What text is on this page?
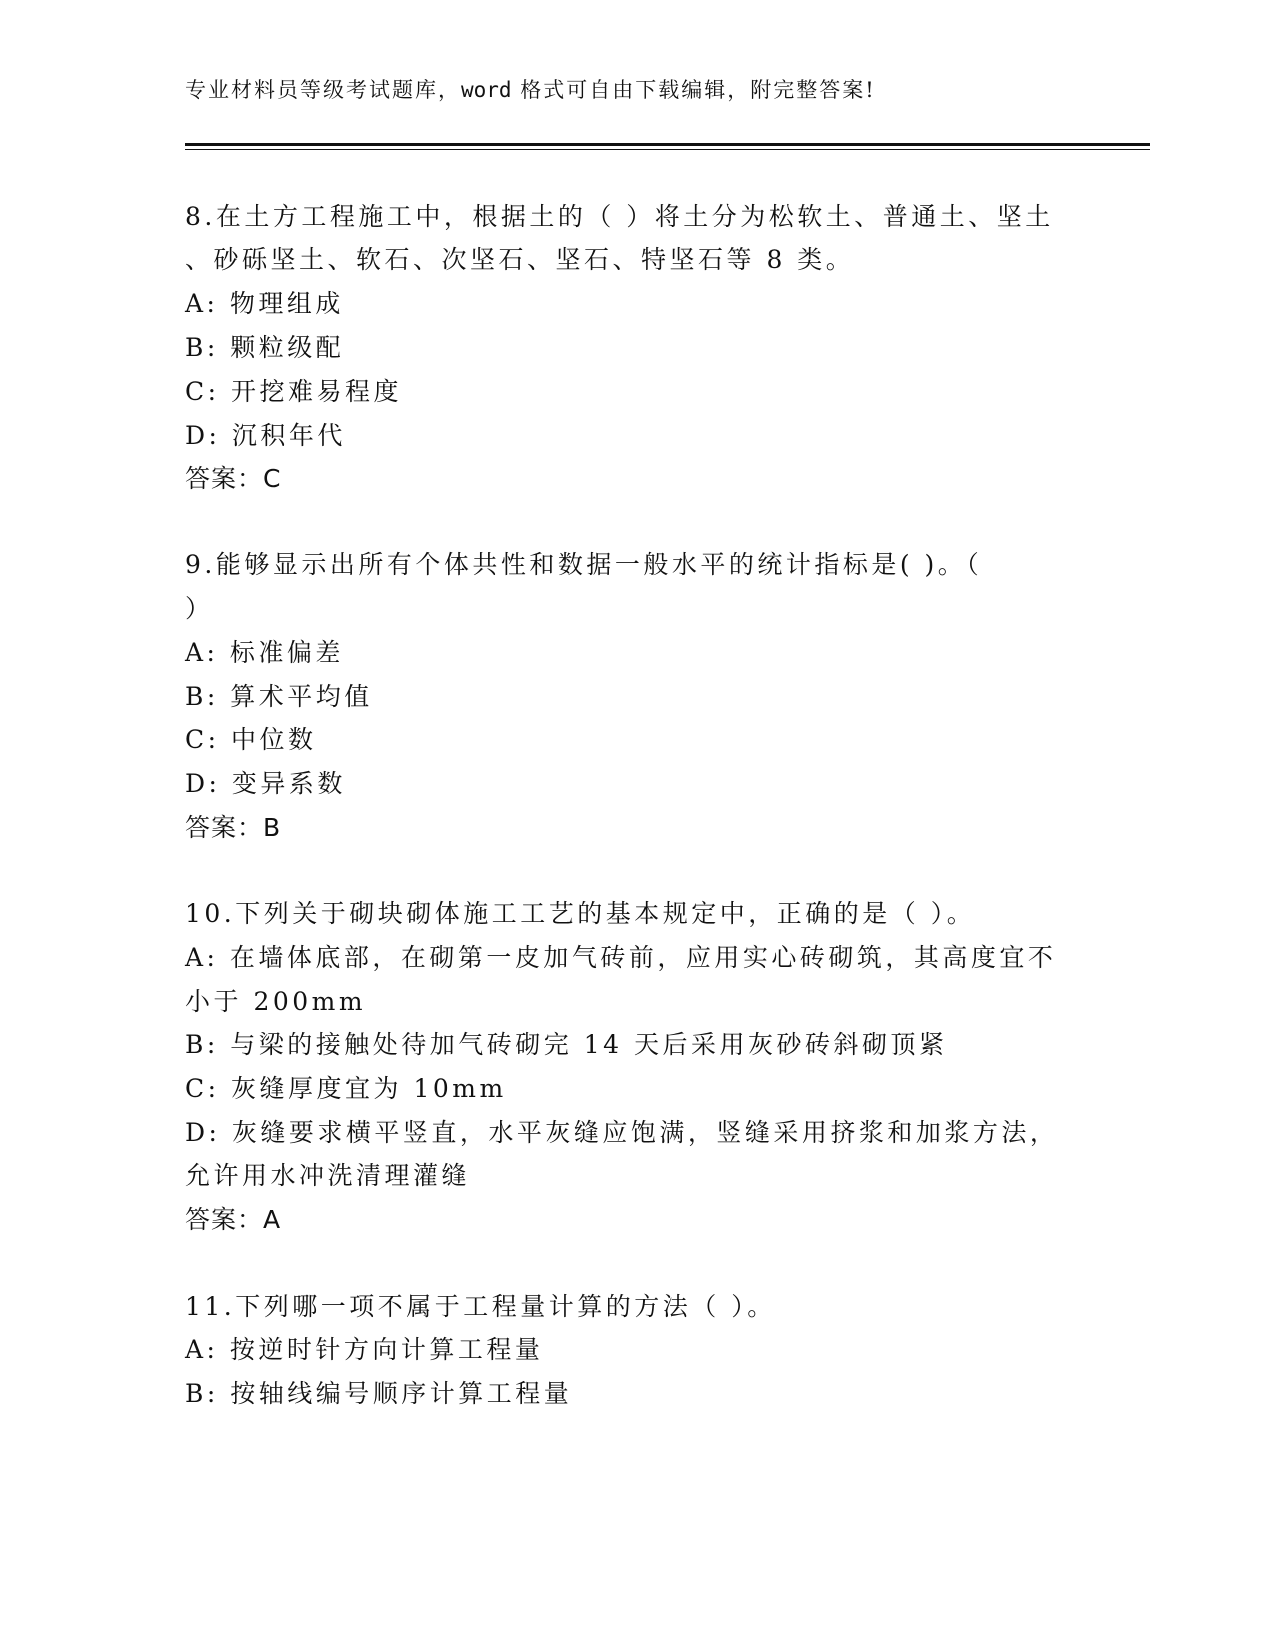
专业材料员等级考试题库，word 格式可自由下载编辑，附完整答案!
8.在土方工程施工中，根据土的（ ）将土分为松软土、普通土、坚土
、砂砾坚土、软石、次坚石、坚石、特坚石等 8 类。
A: 物理组成
B: 颗粒级配
C: 开挖难易程度
D: 沉积年代
答案：C
9.能够显示出所有个体共性和数据一般水平的统计指标是( )。（
）
A: 标准偏差
B: 算术平均值
C: 中位数
D: 变异系数
答案：B
10.下列关于砌块砌体施工工艺的基本规定中，正确的是（ ）。
A: 在墙体底部，在砌第一皮加气砖前，应用实心砖砌筑，其高度宜不
小于 200mm
B: 与梁的接触处待加气砖砌完 14 天后采用灰砂砖斜砌顶紧
C: 灰缝厚度宜为 10mm
D: 灰缝要求横平竖直，水平灰缝应饱满，竖缝采用挤浆和加浆方法，
允许用水冲洗清理灌缝
答案：A
11.下列哪一项不属于工程量计算的方法（ ）。
A: 按逆时针方向计算工程量
B: 按轴线编号顺序计算工程量
